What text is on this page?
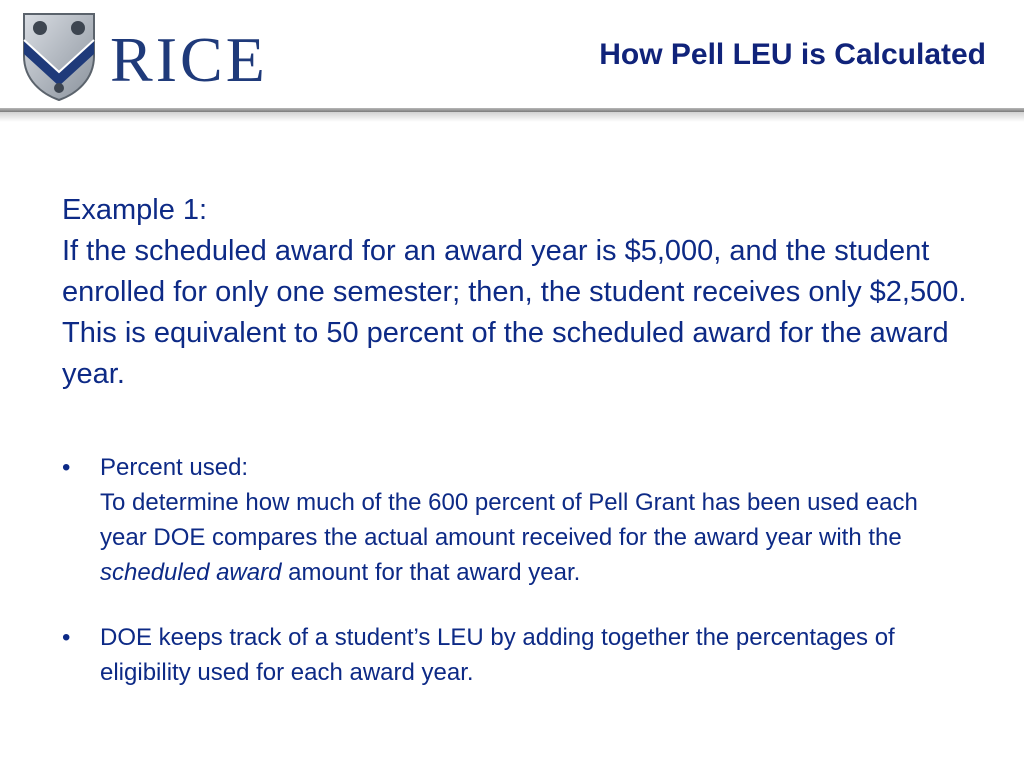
RICE	How Pell LEU is Calculated

Example 1:

If the scheduled award for an award year is $5,000, and the student enrolled for only one semester; then, the student receives only $2,500. This is equivalent to 50 percent of the scheduled award for the award year.

• Percent used:
To determine how much of the 600 percent of Pell Grant has been used each year DOE compares the actual amount received for the award year with the scheduled award amount for that award year.
• DOE keeps track of a student’s LEU by adding together the percentages of eligibility used for each award year.
